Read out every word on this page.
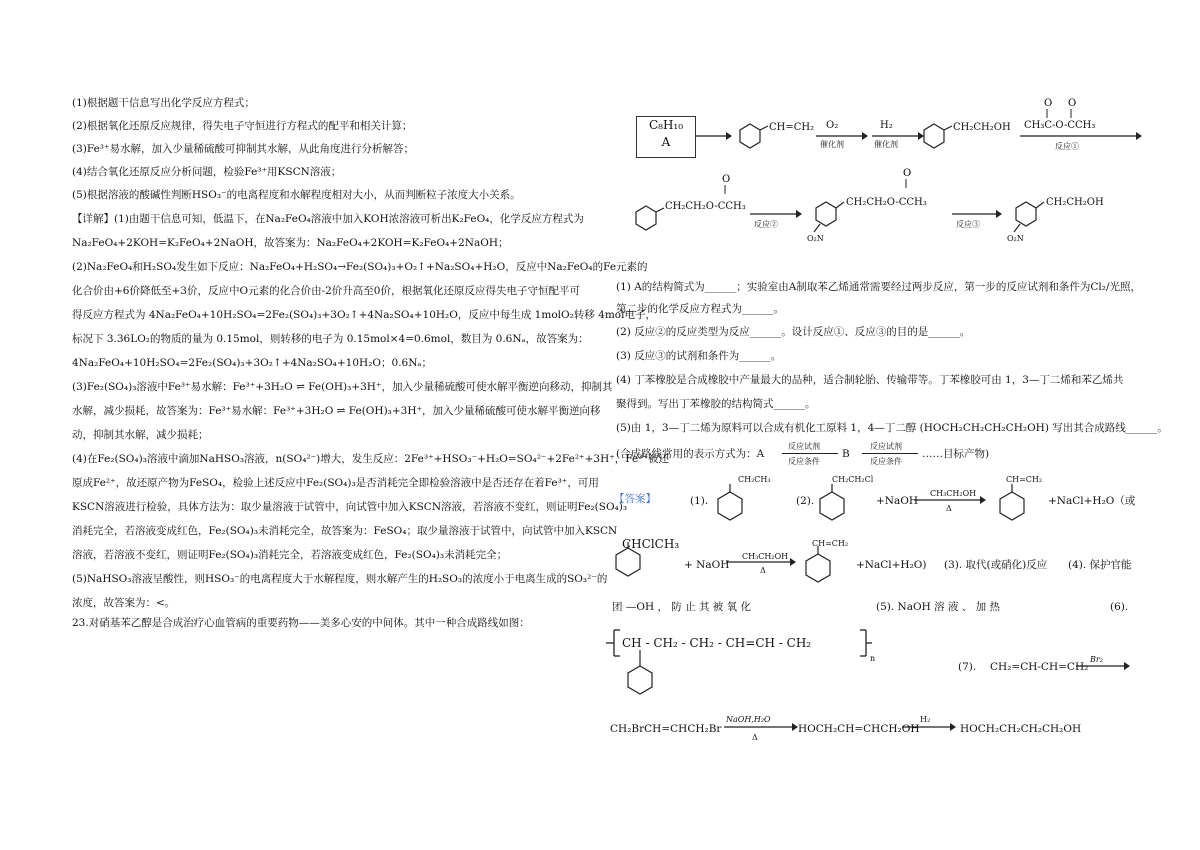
(1)根据题干信息写出化学反应方程式；
(2)根据氧化还原反应规律，得失电子守恒进行方程式的配平和相关计算；
(3)Fe³⁺易水解，加入少量稀硫酸可抑制其水解，从此角度进行分析解答；
(4)结合氧化还原反应分析问题，检验Fe³⁺用KSCN溶液；
(5)根据溶液的酸碱性判断HSO₃⁻的电离程度和水解程度相对大小，从而判断粒子浓度大小关系。
【详解】(1)由题干信息可知，低温下，在Na₂FeO₄溶液中加入KOH浓溶液可析出K₂FeO₄，化学反应方程式为
Na₂FeO₄+2KOH=K₂FeO₄+2NaOH，故答案为：Na₂FeO₄+2KOH=K₂FeO₄+2NaOH；
(2)Na₂FeO₄和H₂SO₄发生如下反应：Na₂FeO₄+H₂SO₄→Fe₂(SO₄)₃+O₂↑+Na₂SO₄+H₂O，反应中Na₂FeO₄的Fe元素的
化合价由+6价降低至+3价，反应中O元素的化合价由-2价升高至0价，根据氧化还原反应得失电子守恒配平可
得反应方程式为 4Na₂FeO₄+10H₂SO₄=2Fe₂(SO₄)₃+3O₂↑+4Na₂SO₄+10H₂O，反应中每生成 1molO₂转移 4mol电子，
标况下 3.36LO₂的物质的量为 0.15mol，则转移的电子为 0.15mol×4=0.6mol，数目为 0.6Nₐ，故答案为：
4Na₂FeO₄+10H₂SO₄=2Fe₂(SO₄)₃+3O₂↑+4Na₂SO₄+10H₂O；0.6Nₐ；
(3)Fe₂(SO₄)₃溶液中Fe³⁺易水解：Fe³⁺+3H₂O ⇌ Fe(OH)₃+3H⁺，加入少量稀硫酸可使水解平衡逆向移动，抑制其
水解，减少损耗，故答案为：Fe³⁺易水解：Fe³⁺+3H₂O ⇌ Fe(OH)₃+3H⁺，加入少量稀硫酸可使水解平衡逆向移
动，抑制其水解，减少损耗；
(4)在Fe₂(SO₄)₃溶液中滴加NaHSO₃溶液，n(SO₄²⁻)增大，发生反应：2Fe³⁺+HSO₃⁻+H₂O=SO₄²⁻+2Fe²⁺+3H⁺，Fe³⁺被还
原成Fe²⁺，故还原产物为FeSO₄，检验上述反应中Fe₂(SO₄)₃是否消耗完全即检验溶液中是否还存在着Fe³⁺，可用
KSCN溶液进行检验，具体方法为：取少量溶液于试管中，向试管中加入KSCN溶液，若溶液不变红，则证明Fe₂(SO₄)₃
消耗完全，若溶液变成红色，Fe₂(SO₄)₃未消耗完全，故答案为：FeSO₄；取少量溶液于试管中，向试管中加入KSCN
溶液，若溶液不变红，则证明Fe₂(SO₄)₃消耗完全，若溶液变成红色，Fe₂(SO₄)₃未消耗完全；
(5)NaHSO₃溶液呈酸性，则HSO₃⁻的电离程度大于水解程度，则水解产生的H₂SO₃的浓度小于电离生成的SO₃²⁻的
浓度，故答案为：<。
23.对硝基苯乙醇是合成治疗心血管病的重要药物——美多心安的中间体。其中一种合成路线如图：
C₈H₁₀
A
O O
O
O
CH=CH₂ O₂
催化剂
H₂
催化剂
CH₂CH₂OH CH₃C-O-CCH₃
反应①
CH₂CH₂O-CCH₃
反应②
CH₂CH₂O-CCH₃
O₂N
反应③
CH₂CH₂OH
O₂N
(1) A的结构简式为______；实验室由A制取苯乙烯通常需要经过两步反应，第一步的反应试剂和条件为Cl₂/光照，
第二步的化学反应方程式为______。
(2) 反应②的反应类型为反应______。设计反应①、反应③的目的是______。
(3) 反应③的试剂和条件为______。
(4) 丁苯橡胶是合成橡胶中产量最大的品种，适合制轮胎、传输带等。丁苯橡胶可由 1，3—丁二烯和苯乙烯共
聚得到。写出丁苯橡胶的结构简式______。
(5)由 1，3—丁二烯为原料可以合成有机化工原料 1，4—丁二醇 (HOCH₂CH₂CH₂CH₂OH) 写出其合成路线______。
(合成路线常用的表示方式为：A
反应试剂
反应条件
B
反应试剂
反应条件
……目标产物)
【答案】	(1).
CH₂CH₃
(2).
CH₂CH₂Cl
+NaOH
CH₃CH₂OH
Δ
CH=CH₂
+NaCl+H₂O（或
CHClCH₃
+ NaOH
CH₃CH₂OH
Δ
CH=CH₂
+NaCl+H₂O) (3). 取代(或硝化)反应 (4). 保护官能
团 —OH ， 防 止 其 被 氧 化	(5). NaOH 溶 液 、 加 热	(6).
CH - CH₂ - CH₂ - CH=CH - CH₂
n
(7). CH₂=CH-CH=CH₂
Br₂
CH₂BrCH=CHCH₂Br
NaOH,H₂O
Δ
HOCH₂CH=CHCH₂OH
H₂
HOCH₂CH₂CH₂CH₂OH
